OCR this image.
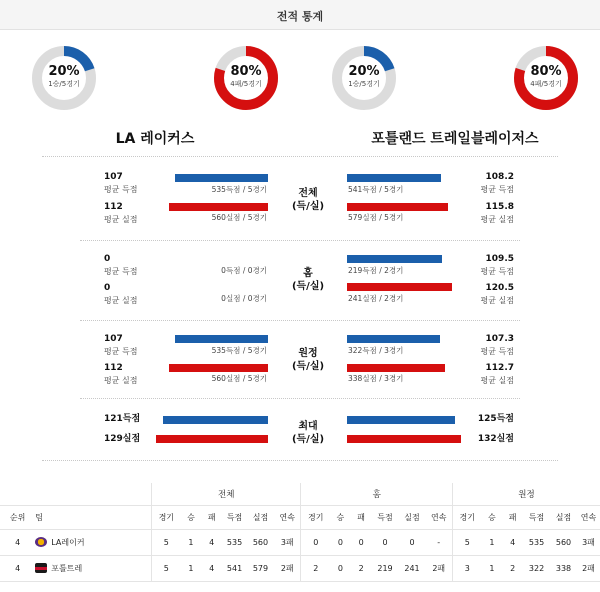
전적 통계
20%
1승/5경기
80%
4패/5경기
20%
1승/5경기
80%
4패/5경기
LA 레이커스	포틀랜드 트레일블레이저스
107
평균 득점
112
평균 실점
535득점 / 5경기
560실점 / 5경기
전체
(득/실)
541득점 / 5경기
579실점 / 5경기
108.2
평균 득점
115.8
평균 실점
0
평균 득점
0
평균 실점
0득점 / 0경기
0실점 / 0경기
홈
(득/실)
219득점 / 2경기
241실점 / 2경기
109.5
평균 득점
120.5
평균 실점
107
평균 득점
112
평균 실점
535득점 / 5경기
560실점 / 5경기
원정
(득/실)
322득점 / 3경기
338실점 / 3경기
107.3
평균 득점
112.7
평균 실점
121득점
129실점
최대
(득/실)
125득점
132실점
		전체						홈						원정					
순위	팀	경기	승	패	득점	실점	연속	경기	승	패	득점	실점	연속	경기	승	패	득점	실점	연속
4	LA레이커	5	1	4	535	560	3패	0	0	0	0	0	-	5	1	4	535	560	3패
4	포틀트레	5	1	4	541	579	2패	2	0	2	219	241	2패	3	1	2	322	338	2패
